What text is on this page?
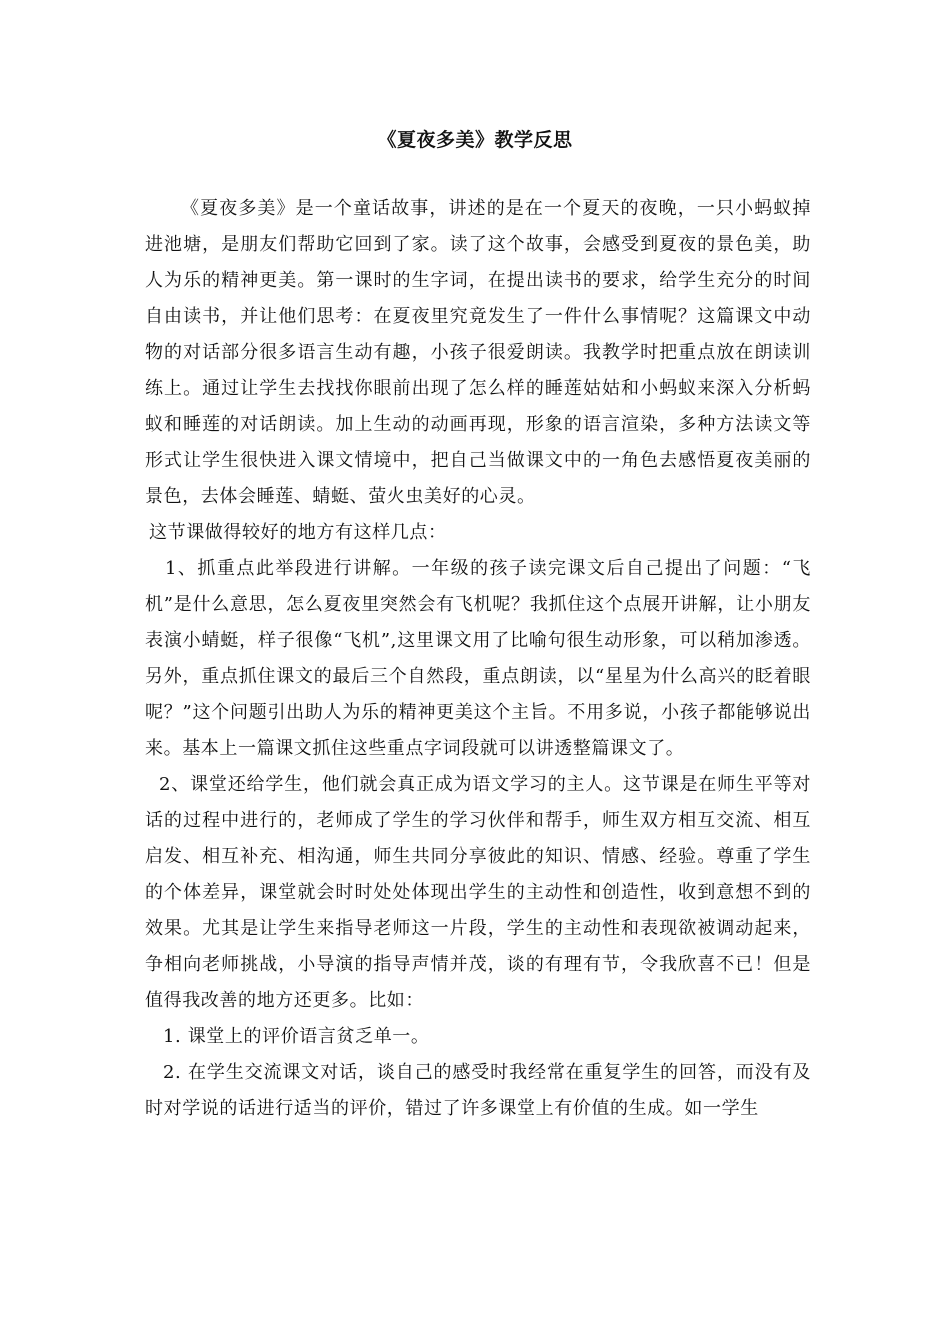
《夏夜多美》教学反思

《夏夜多美》是一个童话故事，讲述的是在一个夏天的夜晚，一只小蚂蚁掉进池塘，是朋友们帮助它回到了家。读了这个故事，会感受到夏夜的景色美，助人为乐的精神更美。第一课时的生字词，在提出读书的要求，给学生充分的时间自由读书，并让他们思考：在夏夜里究竟发生了一件什么事情呢？这篇课文中动物的对话部分很多语言生动有趣，小孩子很爱朗读。我教学时把重点放在朗读训练上。通过让学生去找找你眼前出现了怎么样的睡莲姑姑和小蚂蚁来深入分析蚂蚁和睡莲的对话朗读。加上生动的动画再现，形象的语言渲染，多种方法读文等形式让学生很快进入课文情境中，把自己当做课文中的一角色去感悟夏夜美丽的景色，去体会睡莲、蜻蜓、萤火虫美好的心灵。

这节课做得较好的地方有这样几点：

1、抓重点此举段进行讲解。一年级的孩子读完课文后自己提出了问题：“飞机”是什么意思，怎么夏夜里突然会有飞机呢？我抓住这个点展开讲解，让小朋友表演小蜻蜓，样子很像“飞机”,这里课文用了比喻句很生动形象，可以稍加渗透。另外，重点抓住课文的最后三个自然段，重点朗读，以“星星为什么高兴的眨着眼呢？”这个问题引出助人为乐的精神更美这个主旨。不用多说，小孩子都能够说出来。基本上一篇课文抓住这些重点字词段就可以讲透整篇课文了。

2、课堂还给学生，他们就会真正成为语文学习的主人。这节课是在师生平等对话的过程中进行的，老师成了学生的学习伙伴和帮手，师生双方相互交流、相互启发、相互补充、相沟通，师生共同分享彼此的知识、情感、经验。尊重了学生的个体差异，课堂就会时时处处体现出学生的主动性和创造性，收到意想不到的效果。尤其是让学生来指导老师这一片段，学生的主动性和表现欲被调动起来，争相向老师挑战，小导演的指导声情并茂，谈的有理有节，令我欣喜不已！但是值得我改善的地方还更多。比如：

1. 课堂上的评价语言贫乏单一。

2. 在学生交流课文对话，谈自己的感受时我经常在重复学生的回答，而没有及时对学说的话进行适当的评价，错过了许多课堂上有价值的生成。如一学生
